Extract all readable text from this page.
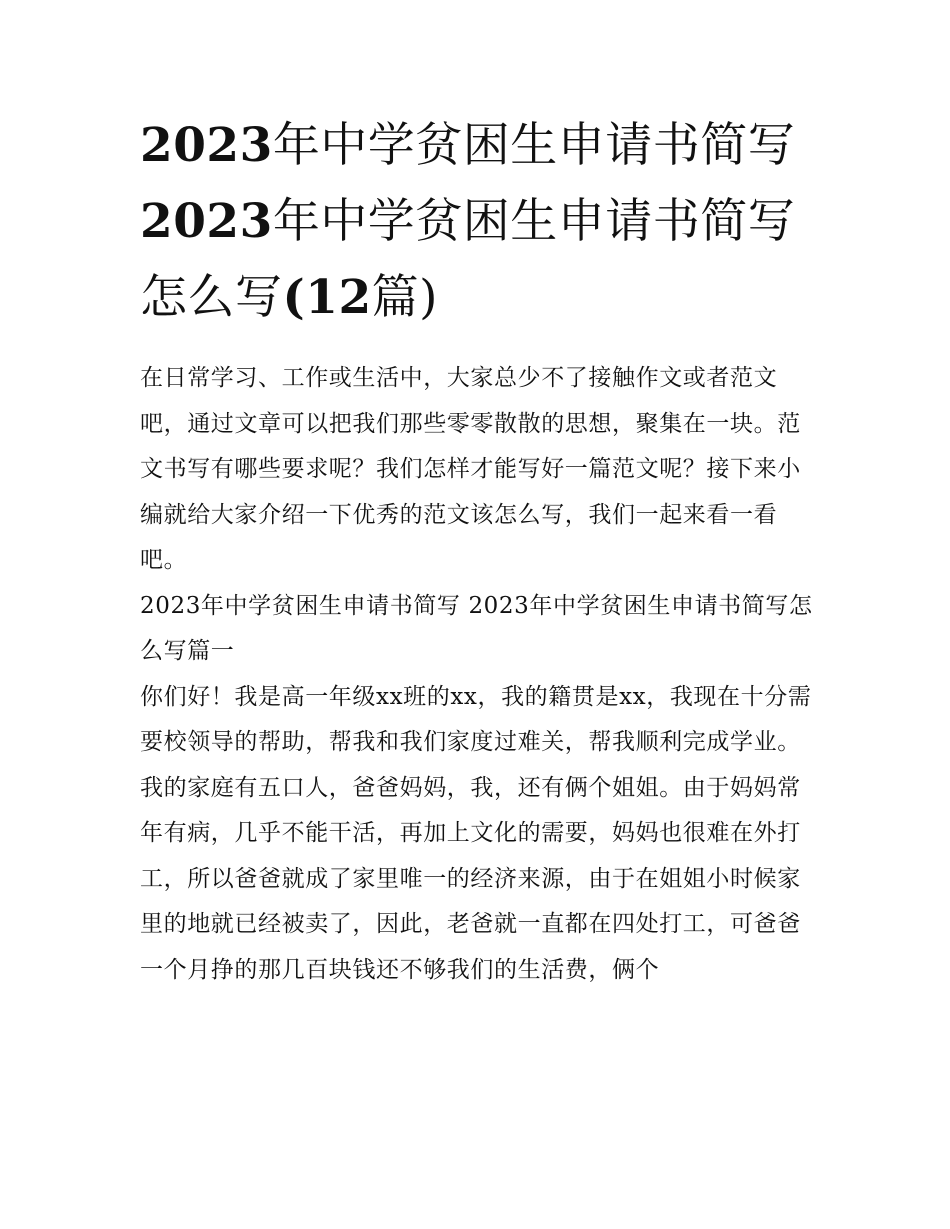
2023年中学贫困生申请书简写
2023年中学贫困生申请书简写
怎么写(12篇)

在日常学习、工作或生活中，大家总少不了接触作文或者范文吧，通过文章可以把我们那些零零散散的思想，聚集在一块。范文书写有哪些要求呢？我们怎样才能写好一篇范文呢？接下来小编就给大家介绍一下优秀的范文该怎么写，我们一起来看一看吧。

2023年中学贫困生申请书简写 2023年中学贫困生申请书简写怎么写篇一

你们好！我是高一年级xx班的xx，我的籍贯是xx，我现在十分需要校领导的帮助，帮我和我们家度过难关，帮我顺利完成学业。

我的家庭有五口人，爸爸妈妈，我，还有俩个姐姐。由于妈妈常年有病，几乎不能干活，再加上文化的需要，妈妈也很难在外打工，所以爸爸就成了家里唯一的经济来源，由于在姐姐小时候家里的地就已经被卖了，因此，老爸就一直都在四处打工，可爸爸一个月挣的那几百块钱还不够我们的生活费，俩个
